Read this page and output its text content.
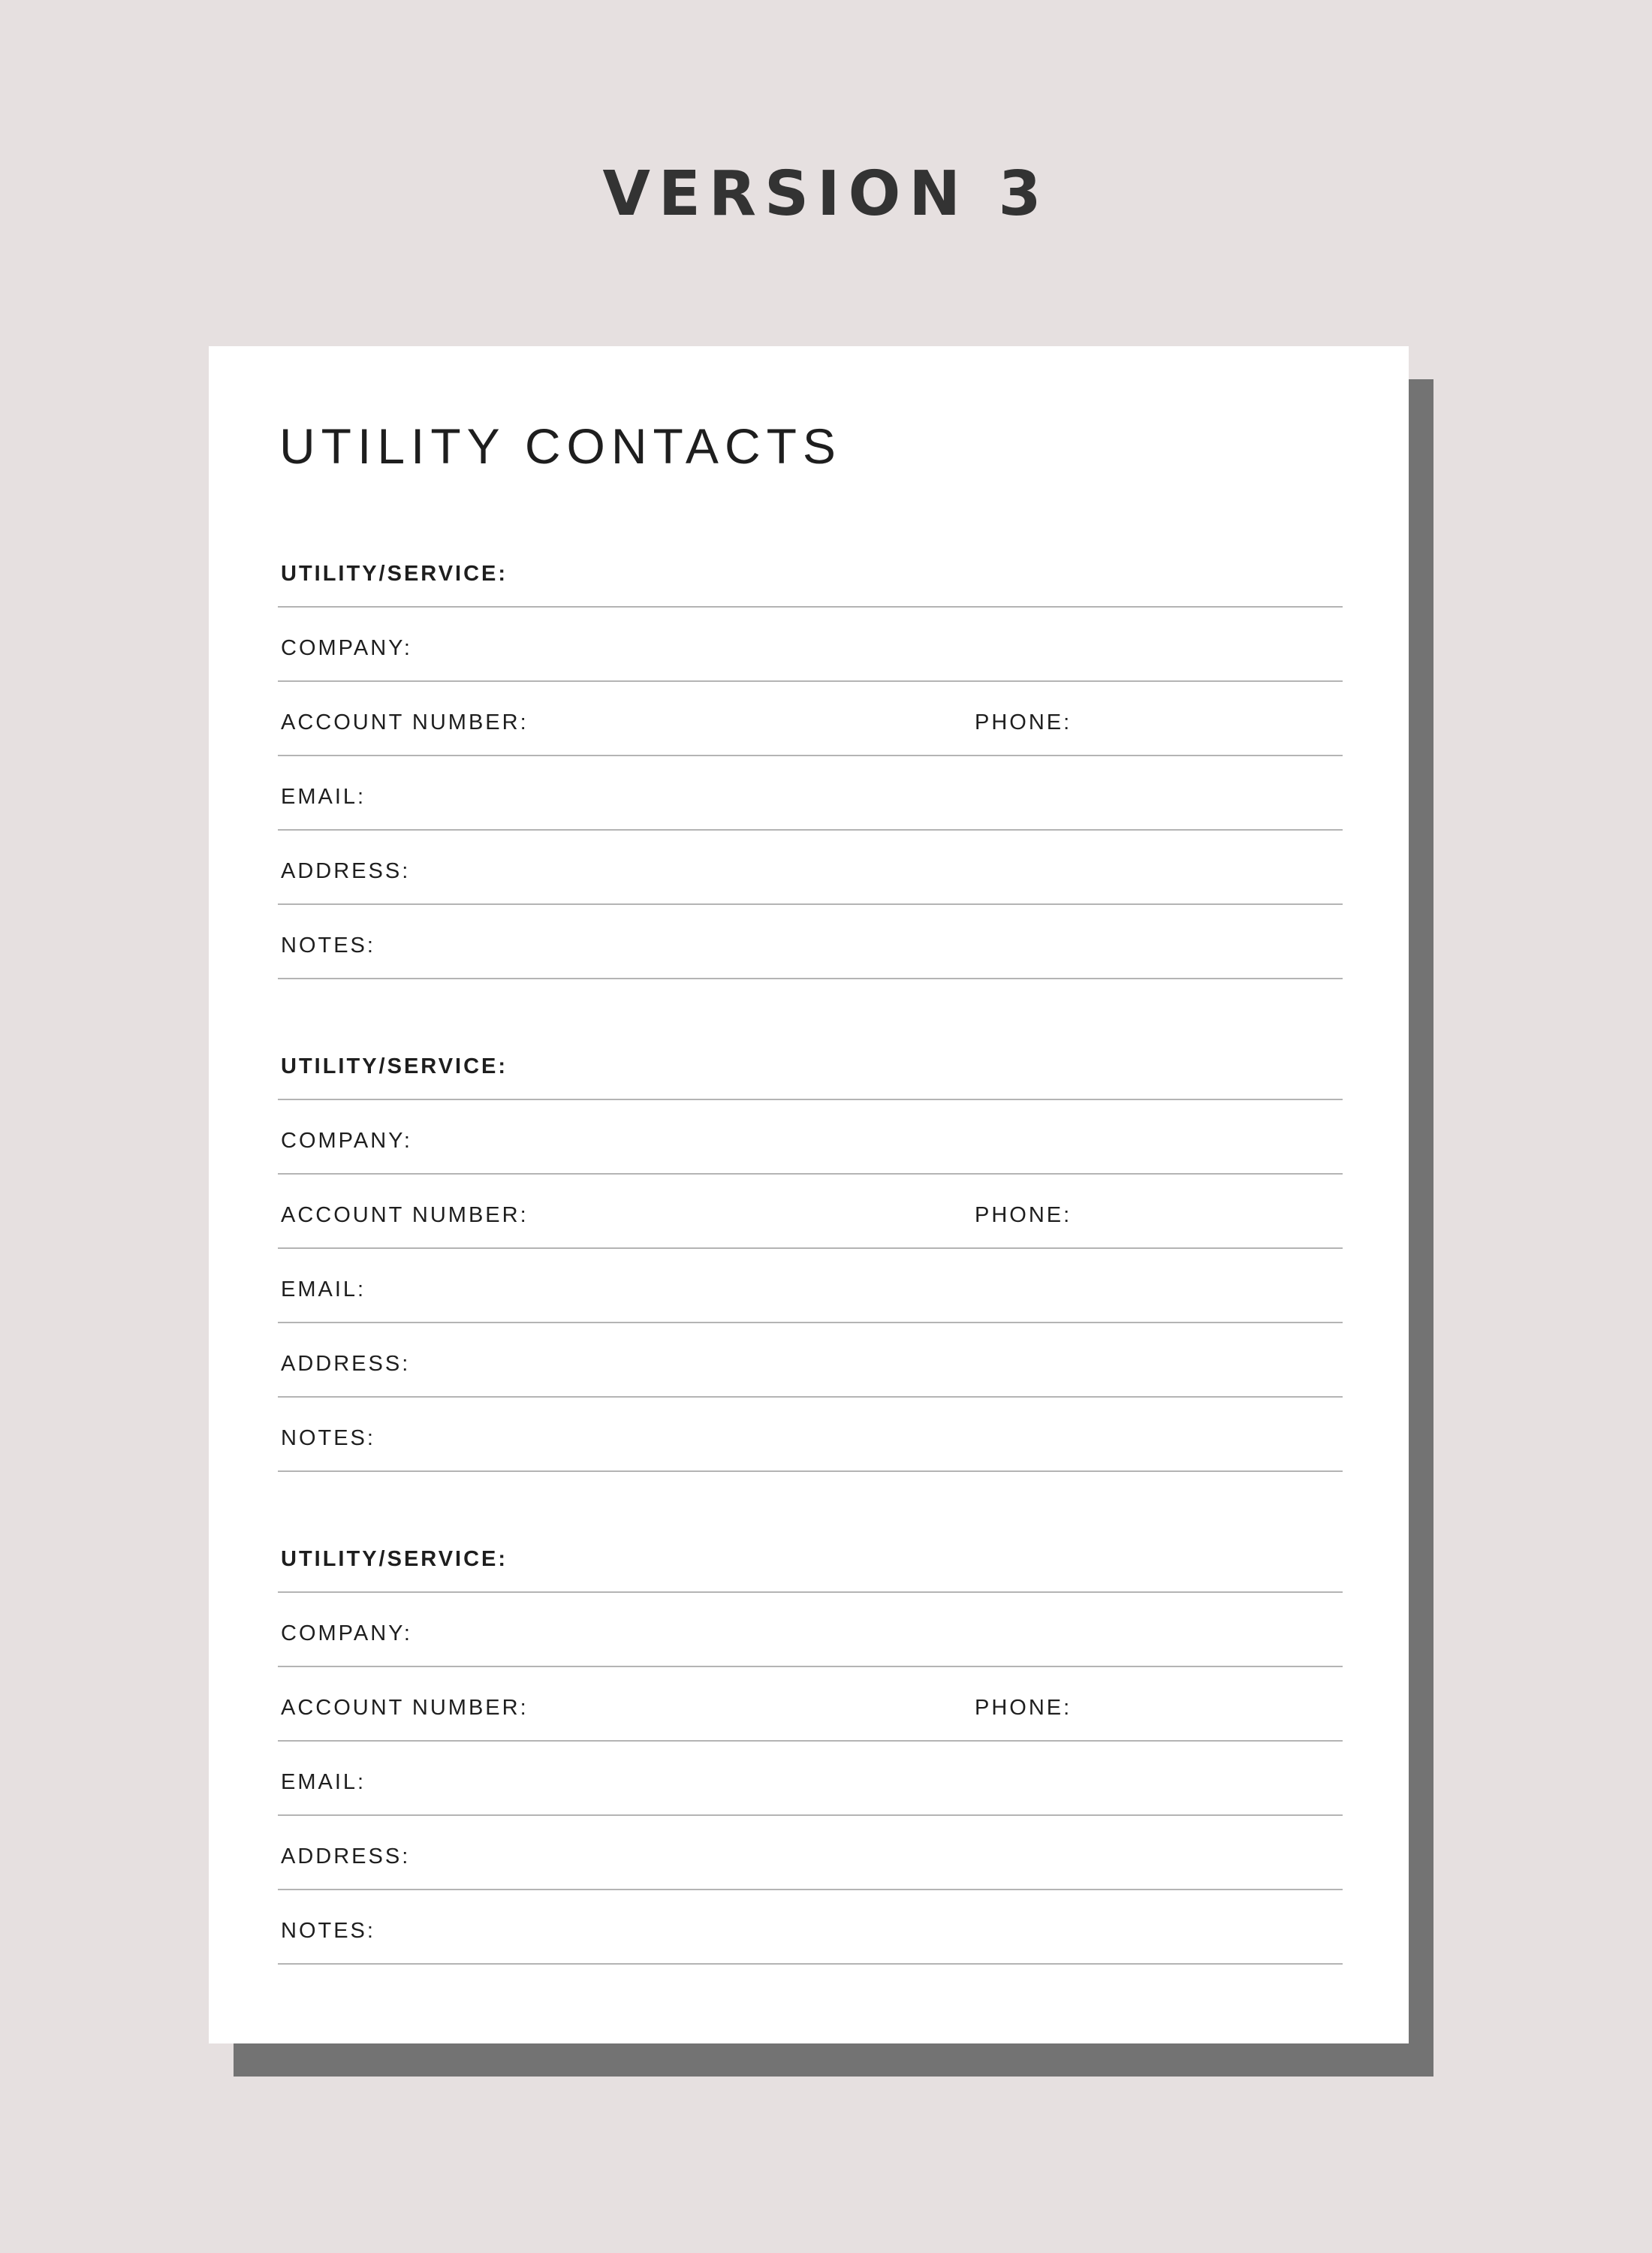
VERSION 3
UTILITY CONTACTS
UTILITY/SERVICE:
COMPANY:
ACCOUNT NUMBER:	PHONE:
EMAIL:
ADDRESS:
NOTES:
UTILITY/SERVICE:
COMPANY:
ACCOUNT NUMBER:	PHONE:
EMAIL:
ADDRESS:
NOTES:
UTILITY/SERVICE:
COMPANY:
ACCOUNT NUMBER:	PHONE:
EMAIL:
ADDRESS:
NOTES:
